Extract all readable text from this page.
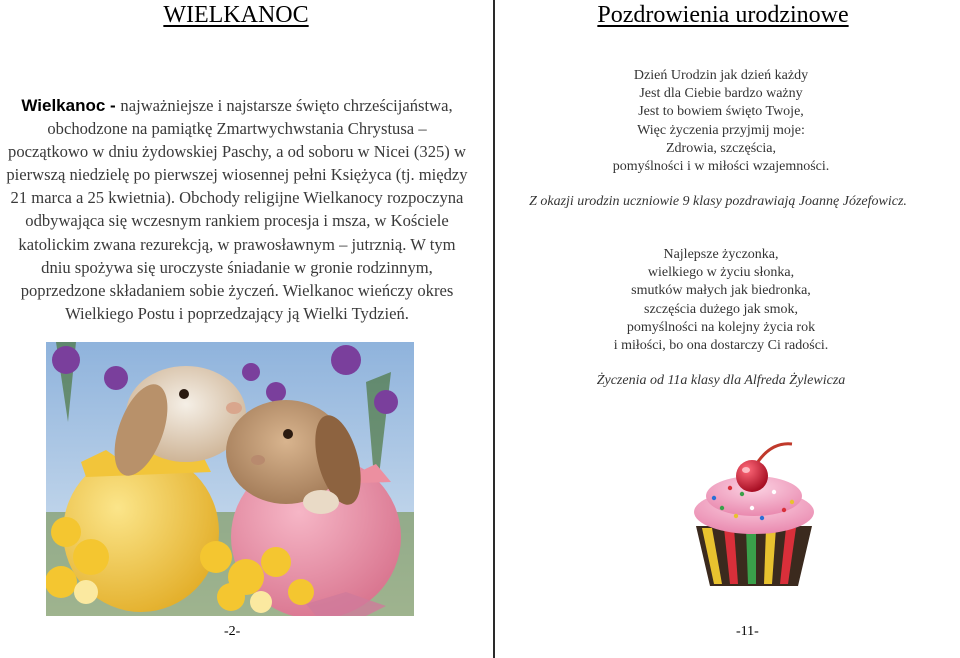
WIELKANOC
Wielkanoc - najważniejsze i najstarsze święto chrześcijaństwa, obchodzone na pamiątkę Zmartwychwstania Chrystusa – początkowo w dniu żydowskiej Paschy, a od soboru w Nicei (325) w pierwszą niedzielę po pierwszej wiosennej pełni Księżyca (tj. między 21 marca a 25 kwietnia). Obchody religijne Wielkanocy rozpoczyna odbywająca się wczesnym rankiem procesja i msza, w Kościele katolickim zwana rezurekcją, w prawosławnym – jutrznią. W tym dniu spożywa się uroczyste śniadanie w gronie rodzinnym, poprzedzone składaniem sobie życzeń. Wielkanoc wieńczy okres Wielkiego Postu i poprzedzający ją Wielki Tydzień.
-2-
Pozdrowienia urodzinowe
Dzień Urodzin jak dzień każdy
Jest dla Ciebie bardzo ważny
Jest to bowiem święto Twoje,
Więc życzenia przyjmij moje:
Zdrowia, szczęścia,
pomyślności i w miłości wzajemności.
Z okazji urodzin uczniowie 9 klasy pozdrawiają Joannę Józefowicz.
Najlepsze życzonka,
wielkiego w życiu słonka,
smutków małych jak biedronka,
szczęścia dużego jak smok,
pomyślności na kolejny życia rok
i miłości, bo ona dostarczy Ci radości.
Życzenia od 11a klasy dla Alfreda Żylewicza
-11-
